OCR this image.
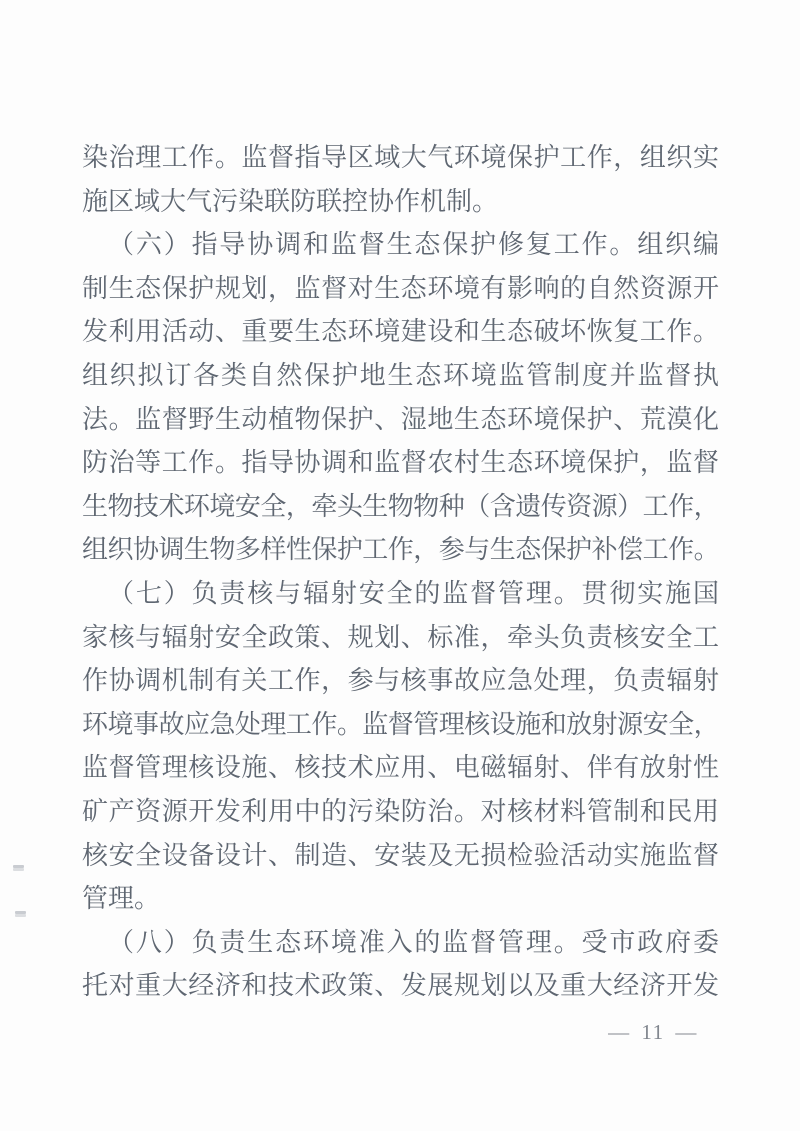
染治理工作。监督指导区域大气环境保护工作，组织实
施区域大气污染联防联控协作机制。
（六）指导协调和监督生态保护修复工作。组织编
制生态保护规划，监督对生态环境有影响的自然资源开
发利用活动、重要生态环境建设和生态破坏恢复工作。
组织拟订各类自然保护地生态环境监管制度并监督执
法。监督野生动植物保护、湿地生态环境保护、荒漠化
防治等工作。指导协调和监督农村生态环境保护，监督
生物技术环境安全，牵头生物物种（含遗传资源）工作，
组织协调生物多样性保护工作，参与生态保护补偿工作。
（七）负责核与辐射安全的监督管理。贯彻实施国
家核与辐射安全政策、规划、标准，牵头负责核安全工
作协调机制有关工作，参与核事故应急处理，负责辐射
环境事故应急处理工作。监督管理核设施和放射源安全，
监督管理核设施、核技术应用、电磁辐射、伴有放射性
矿产资源开发利用中的污染防治。对核材料管制和民用
核安全设备设计、制造、安装及无损检验活动实施监督
管理。
（八）负责生态环境准入的监督管理。受市政府委
托对重大经济和技术政策、发展规划以及重大经济开发
— 11 —
